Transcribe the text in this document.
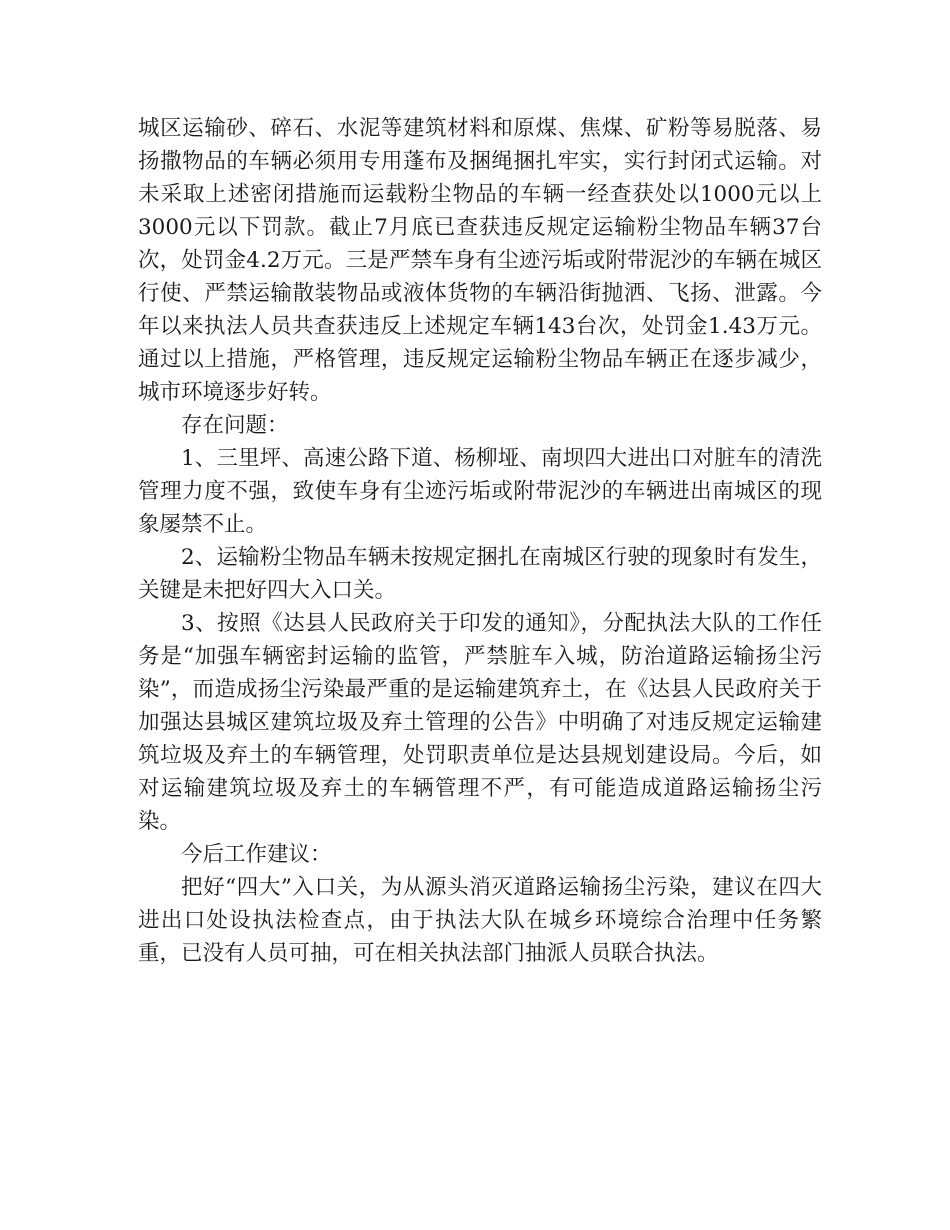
城区运输砂、碎石、水泥等建筑材料和原煤、焦煤、矿粉等易脱落、易扬撒物品的车辆必须用专用蓬布及捆绳捆扎牢实，实行封闭式运输。对未采取上述密闭措施而运载粉尘物品的车辆一经查获处以1000元以上3000元以下罚款。截止7月底已查获违反规定运输粉尘物品车辆37台次，处罚金4.2万元。三是严禁车身有尘迹污垢或附带泥沙的车辆在城区行使、严禁运输散装物品或液体货物的车辆沿街抛洒、飞扬、泄露。今年以来执法人员共查获违反上述规定车辆143台次，处罚金1.43万元。通过以上措施，严格管理，违反规定运输粉尘物品车辆正在逐步减少，城市环境逐步好转。

存在问题：

1、三里坪、高速公路下道、杨柳垭、南坝四大进出口对脏车的清洗管理力度不强，致使车身有尘迹污垢或附带泥沙的车辆进出南城区的现象屡禁不止。

2、运输粉尘物品车辆未按规定捆扎在南城区行驶的现象时有发生，关键是未把好四大入口关。

3、按照《达县人民政府关于印发的通知》，分配执法大队的工作任务是“加强车辆密封运输的监管，严禁脏车入城，防治道路运输扬尘污染”，而造成扬尘污染最严重的是运输建筑弃土，在《达县人民政府关于加强达县城区建筑垃圾及弃土管理的公告》中明确了对违反规定运输建筑垃圾及弃土的车辆管理，处罚职责单位是达县规划建设局。今后，如对运输建筑垃圾及弃土的车辆管理不严，有可能造成道路运输扬尘污染。

今后工作建议：

把好“四大”入口关，为从源头消灭道路运输扬尘污染，建议在四大进出口处设执法检查点，由于执法大队在城乡环境综合治理中任务繁重，已没有人员可抽，可在相关执法部门抽派人员联合执法。
